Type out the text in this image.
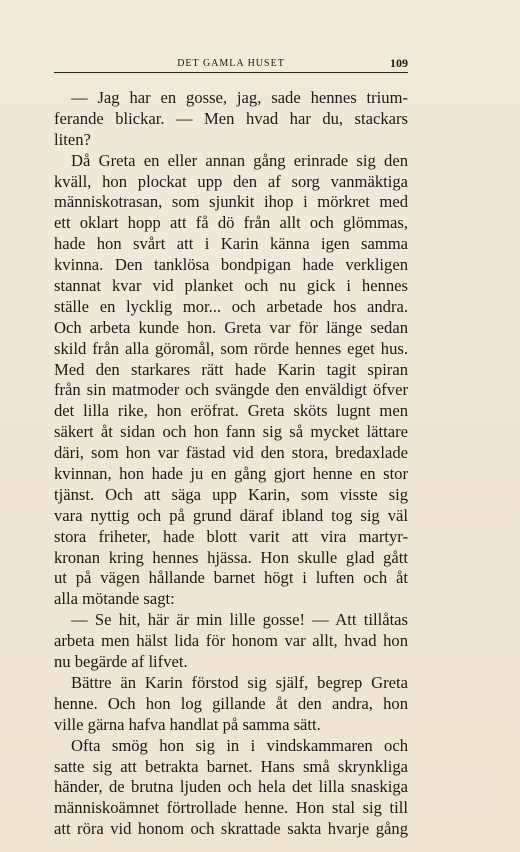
DET GAMLA HUSET	109
— Jag har en gosse, jag, sade hennes trium-
ferande blickar. — Men hvad har du, stackars
liten?
Då Greta en eller annan gång erinrade sig den
kväll, hon plockat upp den af sorg vanmäktiga
människotrasan, som sjunkit ihop i mörkret med
ett oklart hopp att få dö från allt och glömmas,
hade hon svårt att i Karin känna igen samma
kvinna. Den tanklösa bondpigan hade verkligen
stannat kvar vid planket och nu gick i hennes
ställe en lycklig mor... och arbetade hos andra.
Och arbeta kunde hon. Greta var för länge sedan
skild från alla göromål, som rörde hennes eget hus.
Med den starkares rätt hade Karin tagit spiran
från sin matmoder och svängde den enväldigt öfver
det lilla rike, hon eröfrat. Greta sköts lugnt men
säkert åt sidan och hon fann sig så mycket lättare
däri, som hon var fästad vid den stora, bredaxlade
kvinnan, hon hade ju en gång gjort henne en stor
tjänst. Och att säga upp Karin, som visste sig
vara nyttig och på grund däraf ibland tog sig väl
stora friheter, hade blott varit att vira martyr-
kronan kring hennes hjässa. Hon skulle glad gått
ut på vägen hållande barnet högt i luften och åt
alla mötande sagt:
— Se hit, här är min lille gosse! — Att tillåtas
arbeta men hälst lida för honom var allt, hvad hon
nu begärde af lifvet.
Bättre än Karin förstod sig själf, begrep Greta
henne. Och hon log gillande åt den andra, hon
ville gärna hafva handlat på samma sätt.
Ofta smög hon sig in i vindskammaren och
satte sig att betrakta barnet. Hans små skrynkliga
händer, de brutna ljuden och hela det lilla snaskiga
människoämnet förtrollade henne. Hon stal sig till
att röra vid honom och skrattade sakta hvarje gång
